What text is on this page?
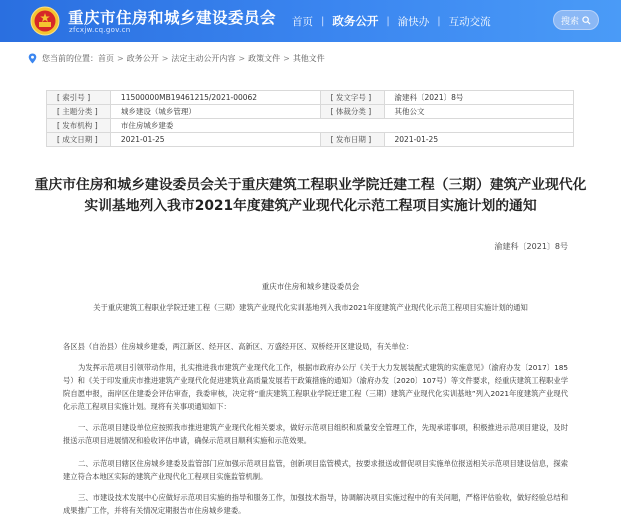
重庆市住房和城乡建设委员会
zfcxjw.cq.gov.cn
首页 | 政务公开 | 渝快办 | 互动交流	搜索
您当前的位置： 首页 > 政务公开 > 法定主动公开内容 > 政策文件 > 其他文件
[ 索引号 ]	11500000MB19461215/2021-00062	[ 发文字号 ]	渝建科〔2021〕8号
[ 主题分类 ]	城乡建设（城乡管理）	[ 体裁分类 ]	其他公文
[ 发布机构 ]	市住房城乡建委		
[ 成文日期 ]	2021-01-25	[ 发布日期 ]	2021-01-25
重庆市住房和城乡建设委员会关于重庆建筑工程职业学院迁建工程（三期）建筑产业现代化实训基地列入我市2021年度建筑产业现代化示范工程项目实施计划的通知
渝建科〔2021〕8号
重庆市住房和城乡建设委员会
关于重庆建筑工程职业学院迁建工程（三期）建筑产业现代化实训基地列入我市2021年度建筑产业现代化示范工程项目实施计划的通知

各区县（自治县）住房城乡建委，两江新区、经开区、高新区、万盛经开区、双桥经开区建设局，有关单位：

为发挥示范项目引领带动作用，扎实推进我市建筑产业现代化工作，根据市政府办公厅《关于大力发展装配式建筑的实施意见》（渝府办发〔2017〕185号）和《关于印发重庆市推进建筑产业现代化促进建筑业高质量发展若干政策措施的通知》（渝府办发〔2020〕107号）等文件要求，经重庆建筑工程职业学院自愿申报，南岸区住建委会评估审查，我委审核，决定将“重庆建筑工程职业学院迁建工程（三期）建筑产业现代化实训基地”列入2021年度建筑产业现代化示范工程项目实施计划。现将有关事项通知如下：

一、示范项目建设单位应按照我市推进建筑产业现代化相关要求，做好示范项目组织和质量安全管理工作，先现承诺事项，积极推进示范项目建设，及时报送示范项目进展情况和验收评估申请，确保示范项目顺利实施和示范效果。

二、示范项目辖区住房城乡建委及监管部门应加强示范项目监管，创新项目监管模式，按要求报送或督促项目实施单位报送相关示范项目建设信息，探索建立符合本地区实际的建筑产业现代化工程项目实施监管机制。

三、市建设技术发展中心应做好示范项目实施的指导和服务工作，加强技术指导，协调解决项目实施过程中的有关问题，严格评估验收，做好经验总结和成果推广工作，并将有关情况定期报告市住房城乡建委。
